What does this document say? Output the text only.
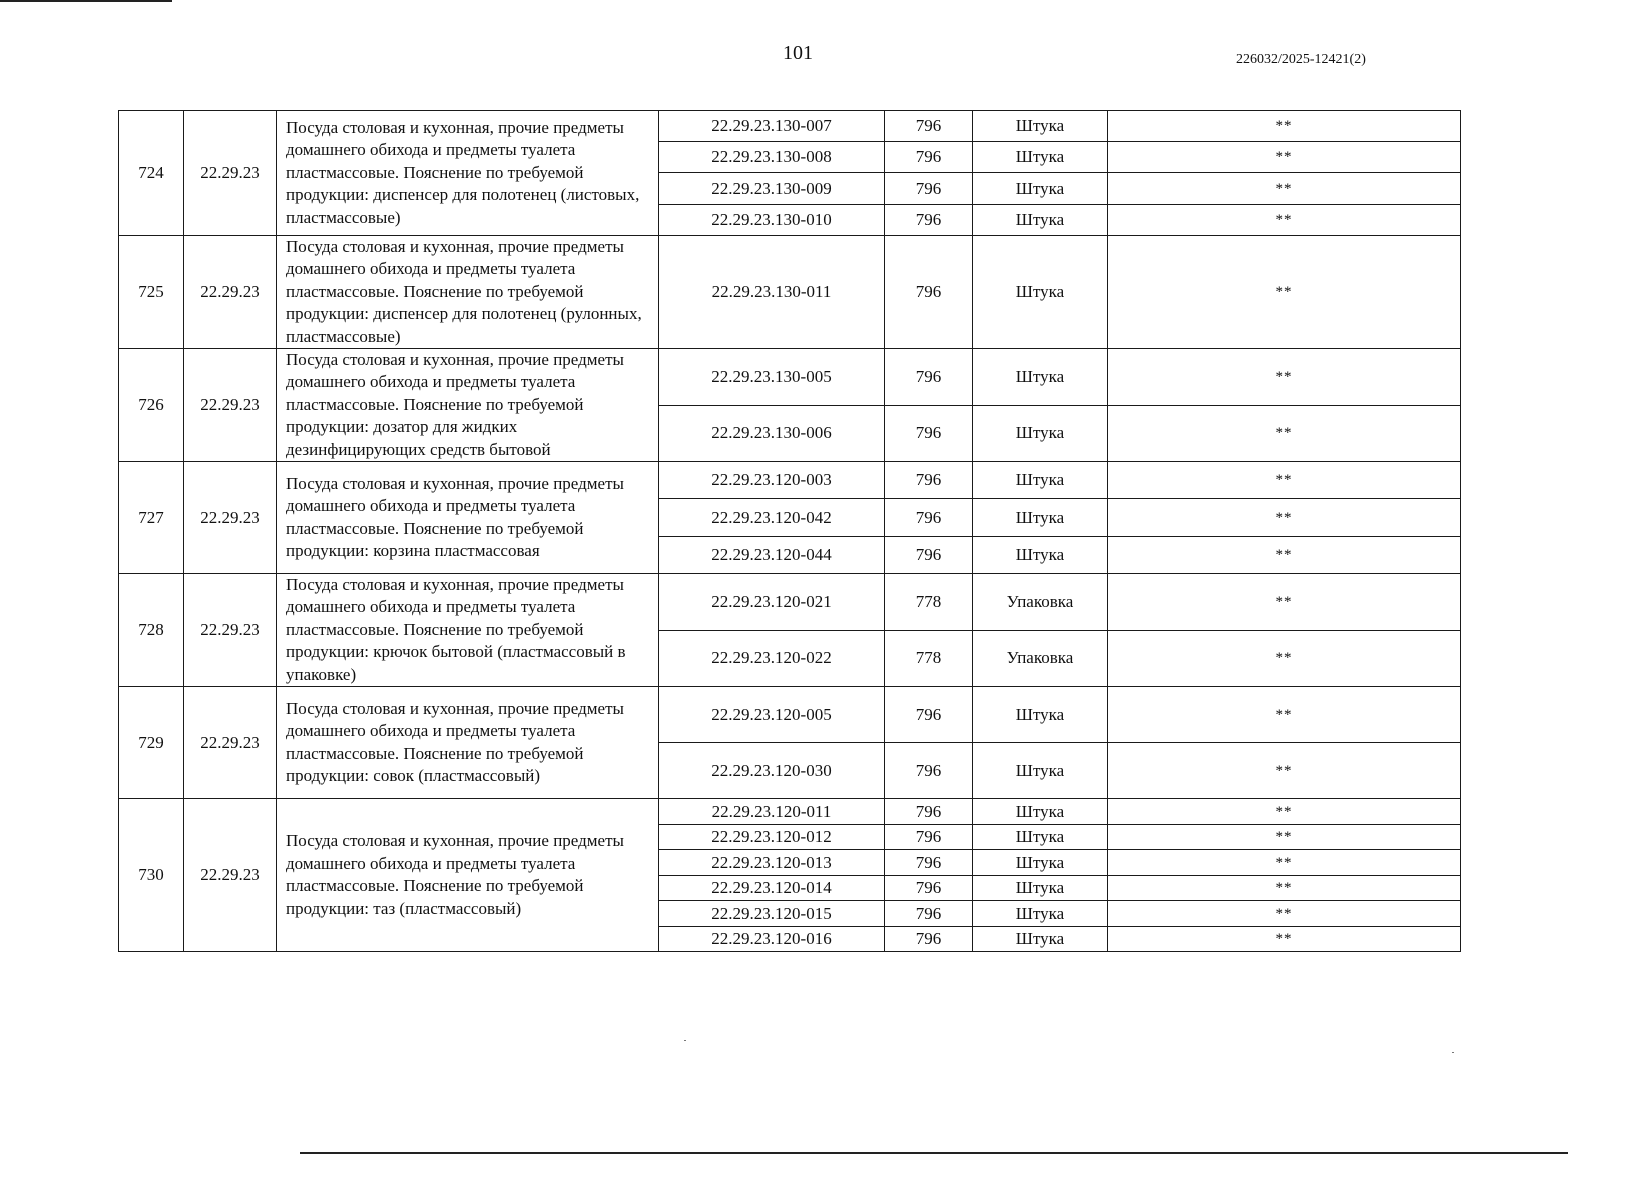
101	226032/2025-12421(2)
724	22.29.23	Посуда столовая и кухонная, прочие предметы домашнего обихода и предметы туалета пластмассовые. Пояснение по требуемой продукции: диспенсер для полотенец (листовых, пластмассовые)	22.29.23.130-007	796	Штука	**
			22.29.23.130-008	796	Штука	**
			22.29.23.130-009	796	Штука	**
			22.29.23.130-010	796	Штука	**
725	22.29.23	Посуда столовая и кухонная, прочие предметы домашнего обихода и предметы туалета пластмассовые. Пояснение по требуемой продукции: диспенсер для полотенец (рулонных, пластмассовые)	22.29.23.130-011	796	Штука	**
726	22.29.23	Посуда столовая и кухонная, прочие предметы домашнего обихода и предметы туалета пластмассовые. Пояснение по требуемой продукции: дозатор для жидких дезинфицирующих средств бытовой	22.29.23.130-005	796	Штука	**
			22.29.23.130-006	796	Штука	**
727	22.29.23	Посуда столовая и кухонная, прочие предметы домашнего обихода и предметы туалета пластмассовые. Пояснение по требуемой продукции: корзина пластмассовая	22.29.23.120-003	796	Штука	**
			22.29.23.120-042	796	Штука	**
			22.29.23.120-044	796	Штука	**
728	22.29.23	Посуда столовая и кухонная, прочие предметы домашнего обихода и предметы туалета пластмассовые. Пояснение по требуемой продукции: крючок бытовой (пластмассовый в упаковке)	22.29.23.120-021	778	Упаковка	**
			22.29.23.120-022	778	Упаковка	**
729	22.29.23	Посуда столовая и кухонная, прочие предметы домашнего обихода и предметы туалета пластмассовые. Пояснение по требуемой продукции: совок (пластмассовый)	22.29.23.120-005	796	Штука	**
			22.29.23.120-030	796	Штука	**
730	22.29.23	Посуда столовая и кухонная, прочие предметы домашнего обихода и предметы туалета пластмассовые. Пояснение по требуемой продукции: таз (пластмассовый)	22.29.23.120-011	796	Штука	**
			22.29.23.120-012	796	Штука	**
			22.29.23.120-013	796	Штука	**
			22.29.23.120-014	796	Штука	**
			22.29.23.120-015	796	Штука	**
			22.29.23.120-016	796	Штука	**
